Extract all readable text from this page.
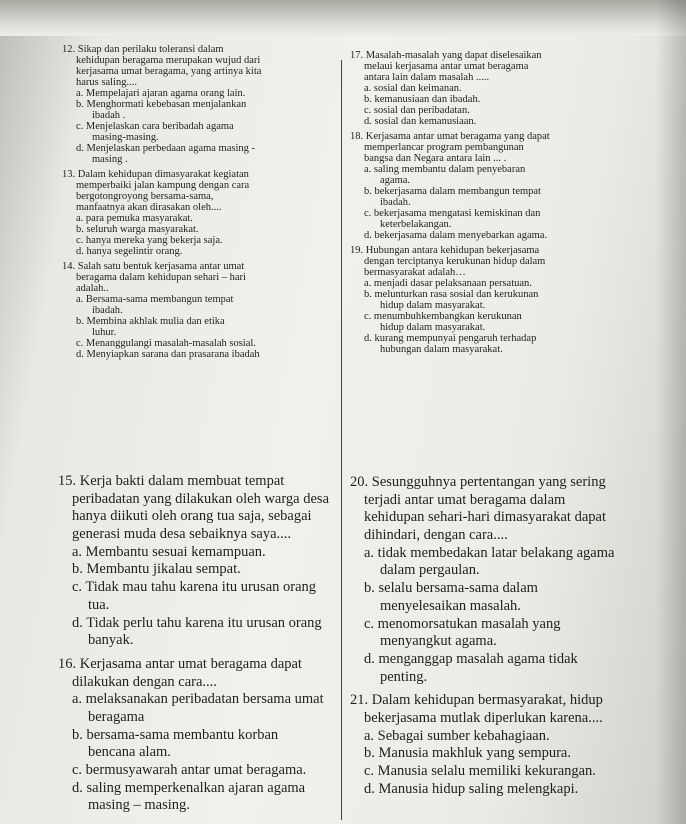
12. Sikap dan perilaku toleransi dalam

kehidupan beragama merupakan wujud dari

kerjasama umat beragama, yang artinya kita

harus saling....

a. Mempelajari ajaran agama orang lain.

b. Menghormati kebebasan menjalankan

ibadah .

c. Menjelaskan cara beribadah agama

masing-masing.

d. Menjelaskan perbedaan agama masing -

masing .

13. Dalam kehidupan dimasyarakat kegiatan

memperbaiki jalan kampung dengan cara

bergotongroyong bersama-sama,

manfaatnya akan dirasakan oleh....

a. para pemuka masyarakat.

b. seluruh warga masyarakat.

c. hanya mereka yang bekerja saja.

d. hanya segelintir orang.

14. Salah satu bentuk kerjasama antar umat

beragama dalam kehidupan sehari – hari

adalah..

a. Bersama-sama membangun tempat

ibadah.

b. Membina akhlak mulia dan etika

luhur.

c. Menanggulangi masalah-masalah sosial.

d. Menyiapkan sarana dan prasarana ibadah

17. Masalah-masalah yang dapat diselesaikan

melaui kerjasama antar umat beragama

antara lain dalam masalah .....

a. sosial dan keimanan.

b. kemanusiaan dan ibadah.

c. sosial dan peribadatan.

d. sosial dan kemanusiaan.

18. Kerjasama antar umat beragama yang dapat

memperlancar program pembangunan

bangsa dan Negara antara lain ... .

a. saling membantu dalam penyebaran

agama.

b. bekerjasama dalam membangun tempat

ibadah.

c. bekerjasama mengatasi kemiskinan dan

keterbelakangan.

d. bekerjasama dalam menyebarkan agama.

19. Hubungan antara kehidupan bekerjasama

dengan terciptanya kerukunan hidup dalam

bermasyarakat adalah…

a. menjadi dasar pelaksanaan persatuan.

b. melunturkan rasa sosial dan kerukunan

hidup dalam masyarakat.

c. menumbuhkembangkan kerukunan

hidup dalam masyarakat.

d. kurang mempunyai pengaruh terhadap

hubungan dalam masyarakat.

15. Kerja bakti dalam membuat tempat

peribadatan yang dilakukan oleh warga desa

hanya diikuti oleh orang tua saja, sebagai

generasi muda desa sebaiknya saya....

a. Membantu sesuai kemampuan.

b. Membantu jikalau sempat.

c. Tidak mau tahu karena itu urusan orang

tua.

d. Tidak perlu tahu karena itu urusan orang

banyak.

16. Kerjasama antar umat beragama dapat

dilakukan dengan cara....

a. melaksanakan peribadatan bersama umat

beragama

b. bersama-sama membantu korban

bencana alam.

c. bermusyawarah antar umat beragama.

d. saling memperkenalkan ajaran agama

masing – masing.

20. Sesungguhnya pertentangan yang sering

terjadi antar umat beragama dalam

kehidupan sehari-hari dimasyarakat dapat

dihindari, dengan cara....

a. tidak membedakan latar belakang agama

dalam pergaulan.

b. selalu bersama-sama dalam

menyelesaikan masalah.

c. menomorsatukan masalah yang

menyangkut agama.

d. menganggap masalah agama tidak

penting.

21. Dalam kehidupan bermasyarakat, hidup

bekerjasama mutlak diperlukan karena....

a. Sebagai sumber kebahagiaan.

b. Manusia makhluk yang sempura.

c. Manusia selalu memiliki kekurangan.

d. Manusia hidup saling melengkapi.
